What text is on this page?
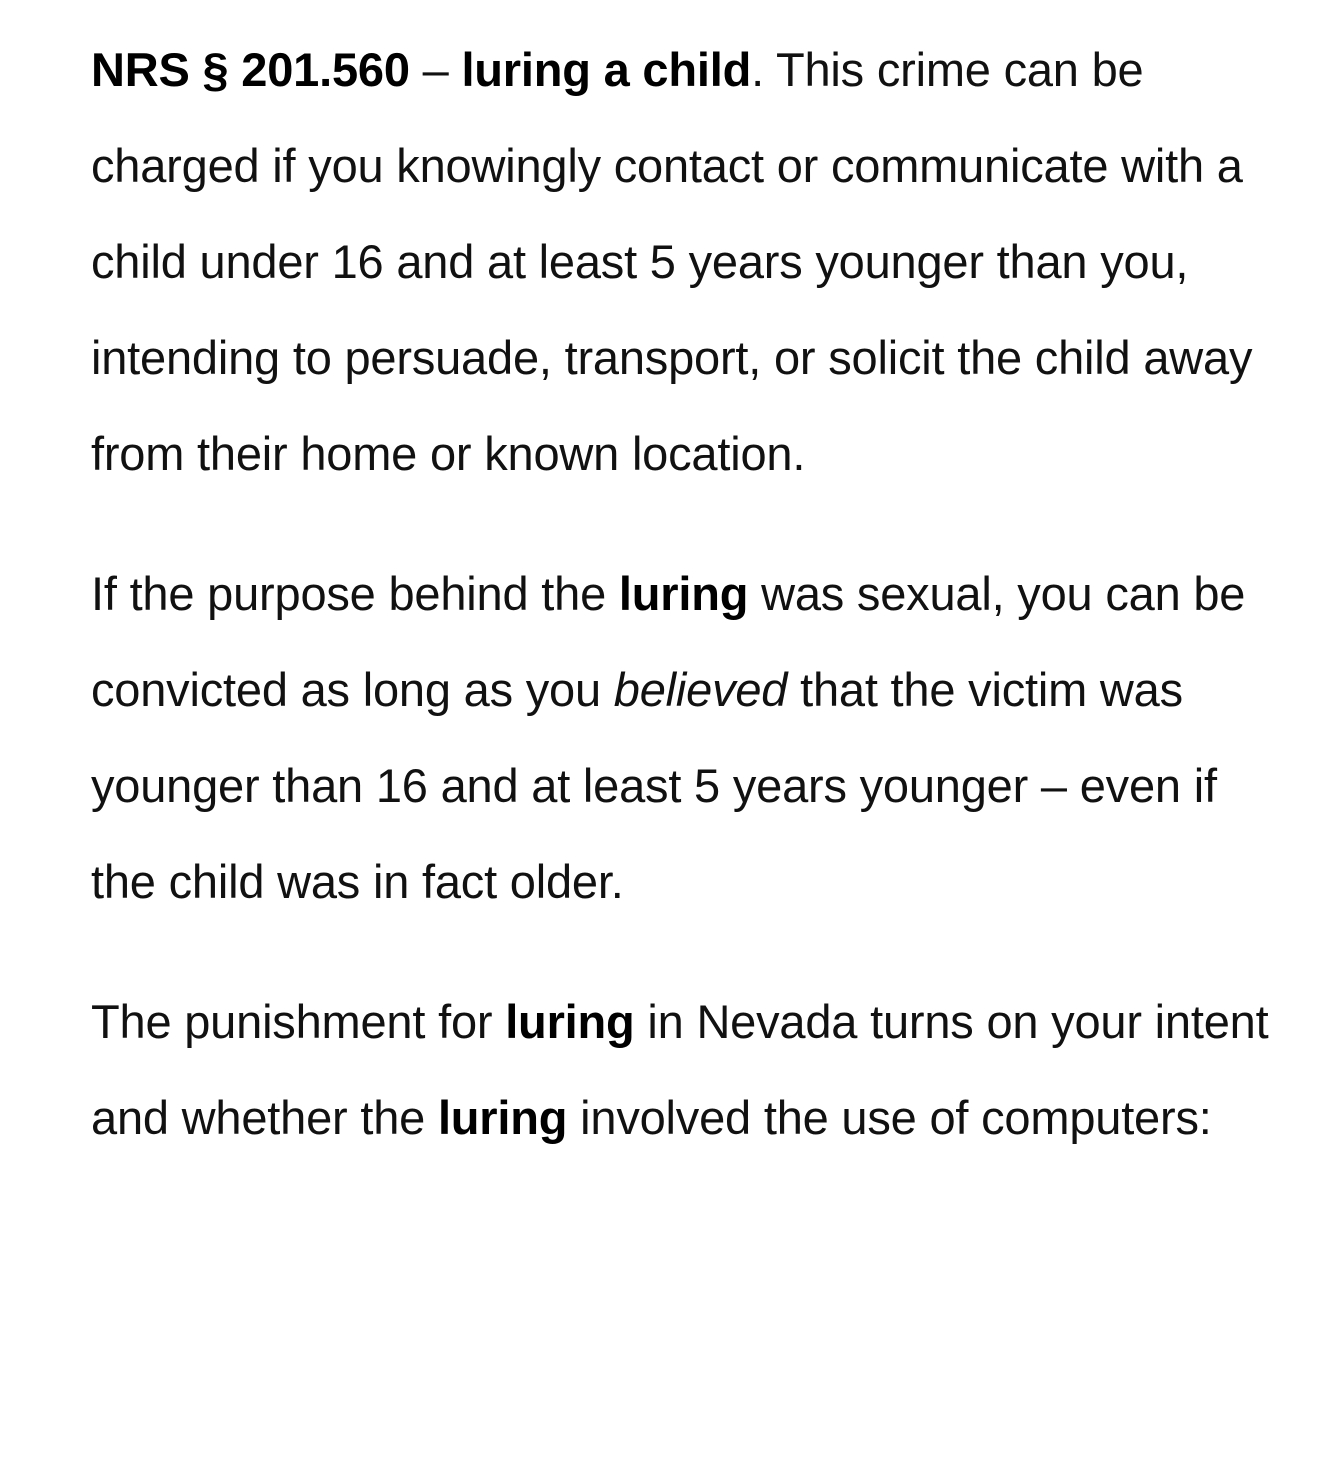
NRS § 201.560 – luring a child. This crime can be charged if you knowingly contact or communicate with a child under 16 and at least 5 years younger than you, intending to persuade, transport, or solicit the child away from their home or known location.

If the purpose behind the luring was sexual, you can be convicted as long as you believed that the victim was younger than 16 and at least 5 years younger – even if the child was in fact older.

The punishment for luring in Nevada turns on your intent and whether the luring involved the use of computers:
